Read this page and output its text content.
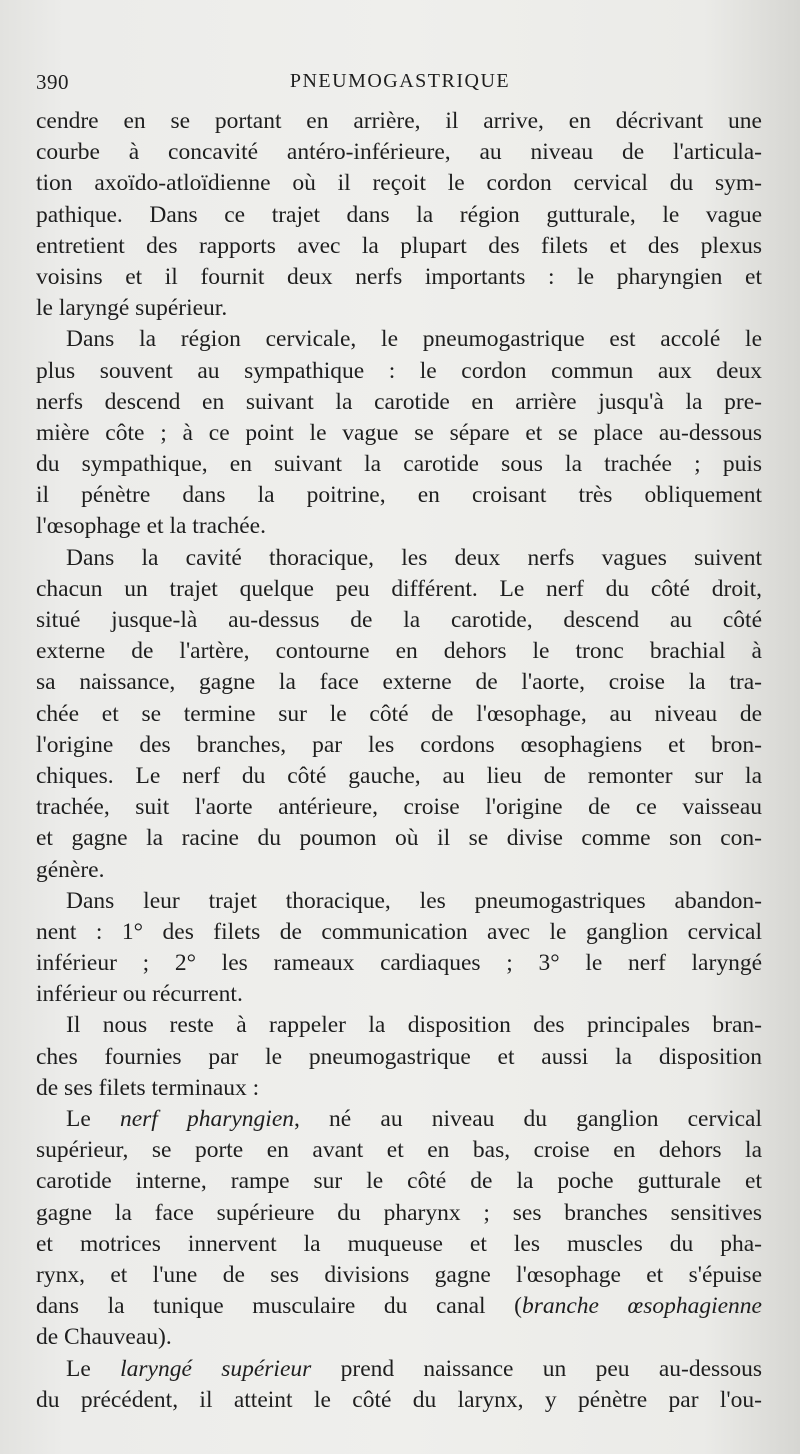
390	PNEUMOGASTRIQUE
cendre en se portant en arrière, il arrive, en décrivant une
courbe à concavité antéro-inférieure, au niveau de l'articula-
tion axoïdo-atloïdienne où il reçoit le cordon cervical du sym-
pathique. Dans ce trajet dans la région gutturale, le vague
entretient des rapports avec la plupart des filets et des plexus
voisins et il fournit deux nerfs importants : le pharyngien et
le laryngé supérieur.
Dans la région cervicale, le pneumogastrique est accolé le
plus souvent au sympathique : le cordon commun aux deux
nerfs descend en suivant la carotide en arrière jusqu'à la pre-
mière côte ; à ce point le vague se sépare et se place au-dessous
du sympathique, en suivant la carotide sous la trachée ; puis
il pénètre dans la poitrine, en croisant très obliquement
l'œsophage et la trachée.
Dans la cavité thoracique, les deux nerfs vagues suivent
chacun un trajet quelque peu différent. Le nerf du côté droit,
situé jusque-là au-dessus de la carotide, descend au côté
externe de l'artère, contourne en dehors le tronc brachial à
sa naissance, gagne la face externe de l'aorte, croise la tra-
chée et se termine sur le côté de l'œsophage, au niveau de
l'origine des branches, par les cordons œsophagiens et bron-
chiques. Le nerf du côté gauche, au lieu de remonter sur la
trachée, suit l'aorte antérieure, croise l'origine de ce vaisseau
et gagne la racine du poumon où il se divise comme son con-
génère.
Dans leur trajet thoracique, les pneumogastriques abandon-
nent : 1° des filets de communication avec le ganglion cervical
inférieur ; 2° les rameaux cardiaques ; 3° le nerf laryngé
inférieur ou récurrent.
Il nous reste à rappeler la disposition des principales bran-
ches fournies par le pneumogastrique et aussi la disposition
de ses filets terminaux :
Le nerf pharyngien, né au niveau du ganglion cervical
supérieur, se porte en avant et en bas, croise en dehors la
carotide interne, rampe sur le côté de la poche gutturale et
gagne la face supérieure du pharynx ; ses branches sensitives
et motrices innervent la muqueuse et les muscles du pha-
rynx, et l'une de ses divisions gagne l'œsophage et s'épuise
dans la tunique musculaire du canal (branche œsophagienne
de Chauveau).
Le laryngé supérieur prend naissance un peu au-dessous
du précédent, il atteint le côté du larynx, y pénètre par l'ou-
